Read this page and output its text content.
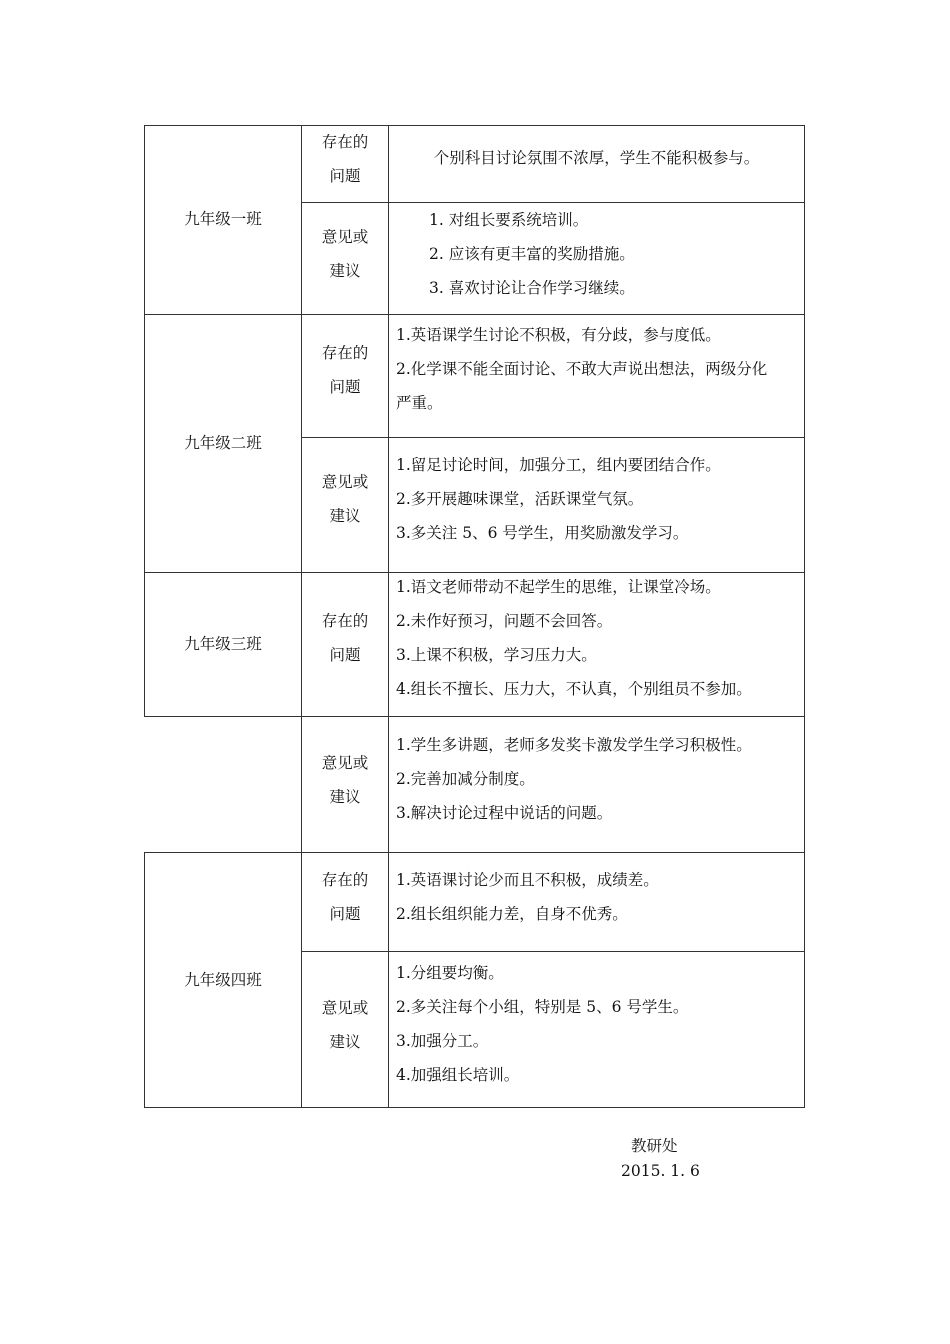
九年级一班
存在的
问题
个别科目讨论氛围不浓厚，学生不能积极参与。
意见或
建议
1. 对组长要系统培训。
2. 应该有更丰富的奖励措施。
3. 喜欢讨论让合作学习继续。
九年级二班
存在的
问题
1.英语课学生讨论不积极，有分歧，参与度低。
2.化学课不能全面讨论、不敢大声说出想法，两级分化
严重。
意见或
建议
1.留足讨论时间，加强分工，组内要团结合作。
2.多开展趣味课堂，活跃课堂气氛。
3.多关注 5、6 号学生，用奖励激发学习。
九年级三班
存在的
问题
1.语文老师带动不起学生的思维，让课堂冷场。
2.未作好预习，问题不会回答。
3.上课不积极，学习压力大。
4.组长不擅长、压力大，不认真，个别组员不参加。
意见或
建议
1.学生多讲题，老师多发奖卡激发学生学习积极性。
2.完善加减分制度。
3.解决讨论过程中说话的问题。
九年级四班
存在的
问题
1.英语课讨论少而且不积极，成绩差。
2.组长组织能力差，自身不优秀。
意见或
建议
1.分组要均衡。
2.多关注每个小组，特别是 5、6 号学生。
3.加强分工。
4.加强组长培训。
教研处
2015. 1. 6
